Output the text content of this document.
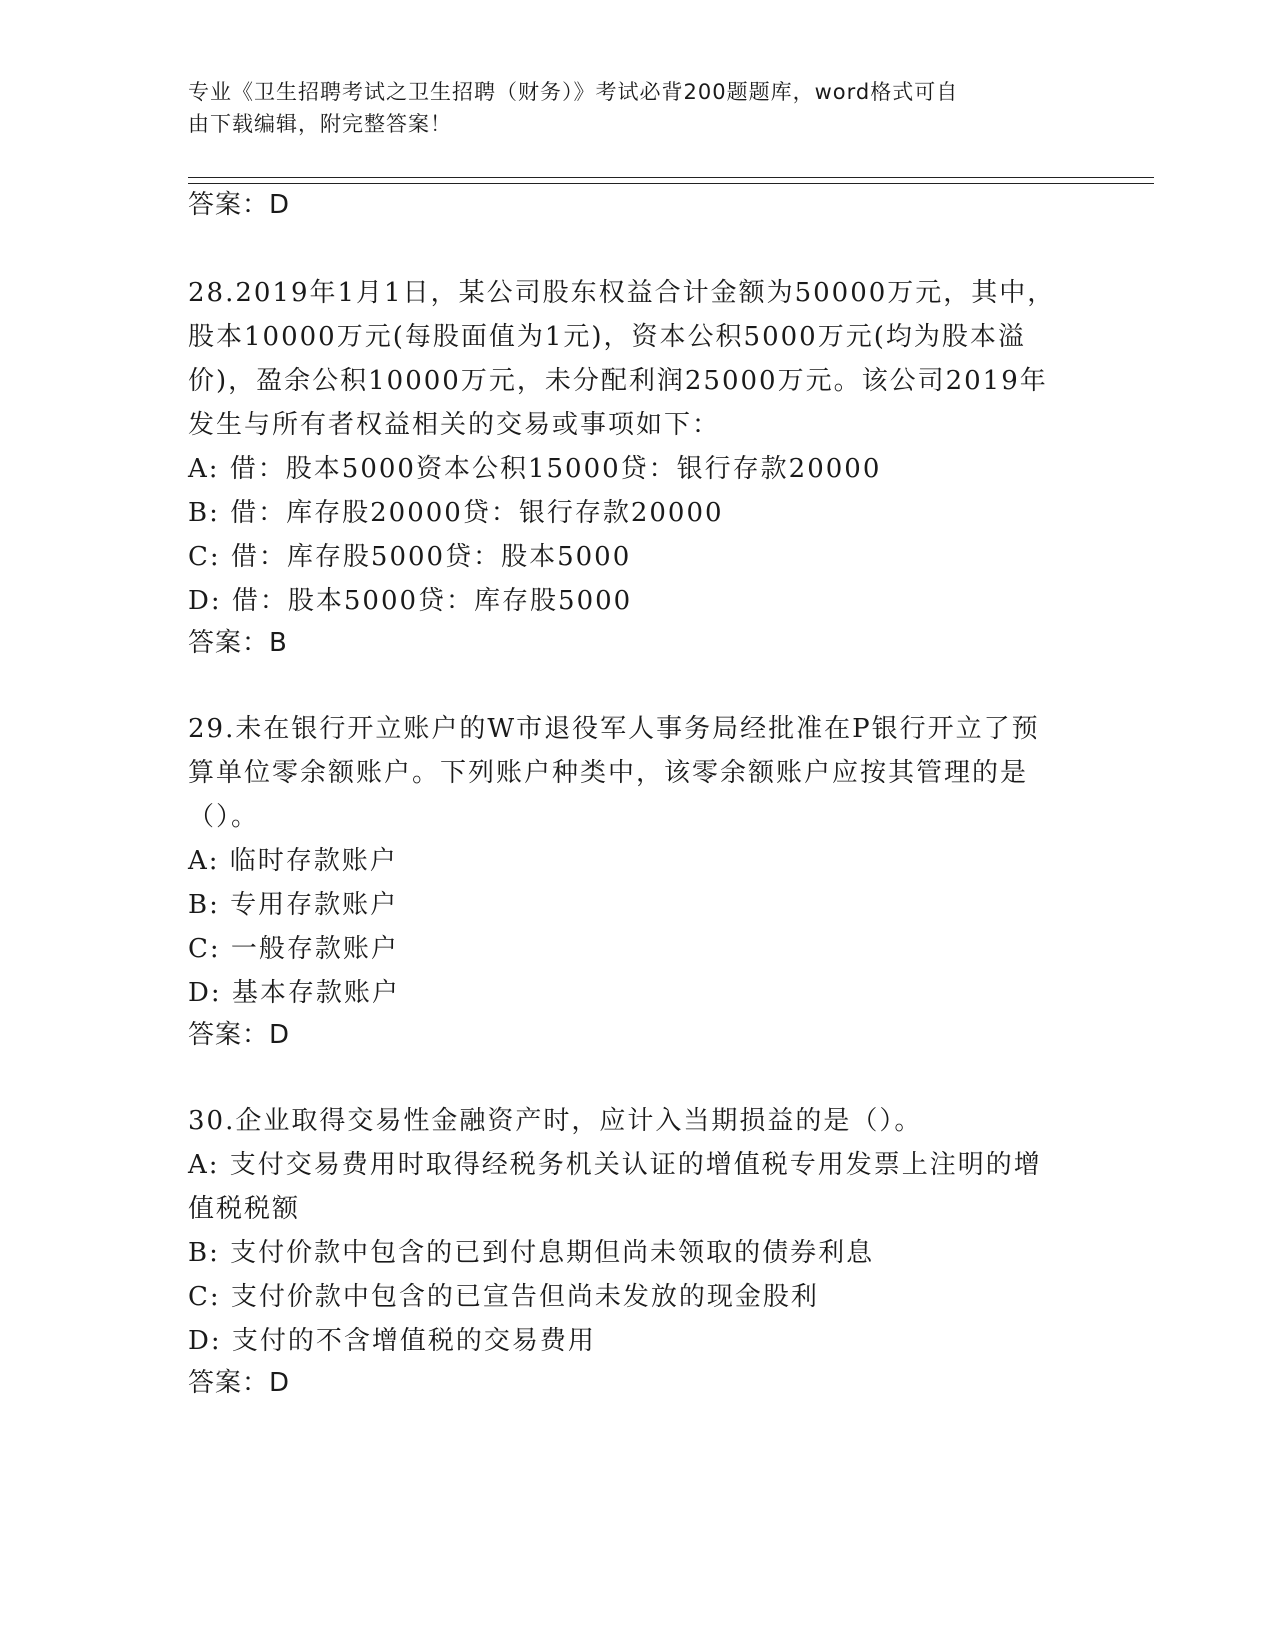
专业《卫生招聘考试之卫生招聘（财务）》考试必背200题题库，word格式可自
由下载编辑，附完整答案！
答案：D
28.2019年1月1日，某公司股东权益合计金额为50000万元，其中，
股本10000万元(每股面值为1元)，资本公积5000万元(均为股本溢
价)，盈余公积10000万元，未分配利润25000万元。该公司2019年
发生与所有者权益相关的交易或事项如下：
A: 借：股本5000资本公积15000贷：银行存款20000
B: 借：库存股20000贷：银行存款20000
C: 借：库存股5000贷：股本5000
D: 借：股本5000贷：库存股5000
答案：B
29.未在银行开立账户的W市退役军人事务局经批准在P银行开立了预
算单位零余额账户。下列账户种类中，该零余额账户应按其管理的是
（）。
A: 临时存款账户
B: 专用存款账户
C: 一般存款账户
D: 基本存款账户
答案：D
30.企业取得交易性金融资产时，应计入当期损益的是（）。
A: 支付交易费用时取得经税务机关认证的增值税专用发票上注明的增
值税税额
B: 支付价款中包含的已到付息期但尚未领取的债券利息
C: 支付价款中包含的已宣告但尚未发放的现金股利
D: 支付的不含增值税的交易费用
答案：D
